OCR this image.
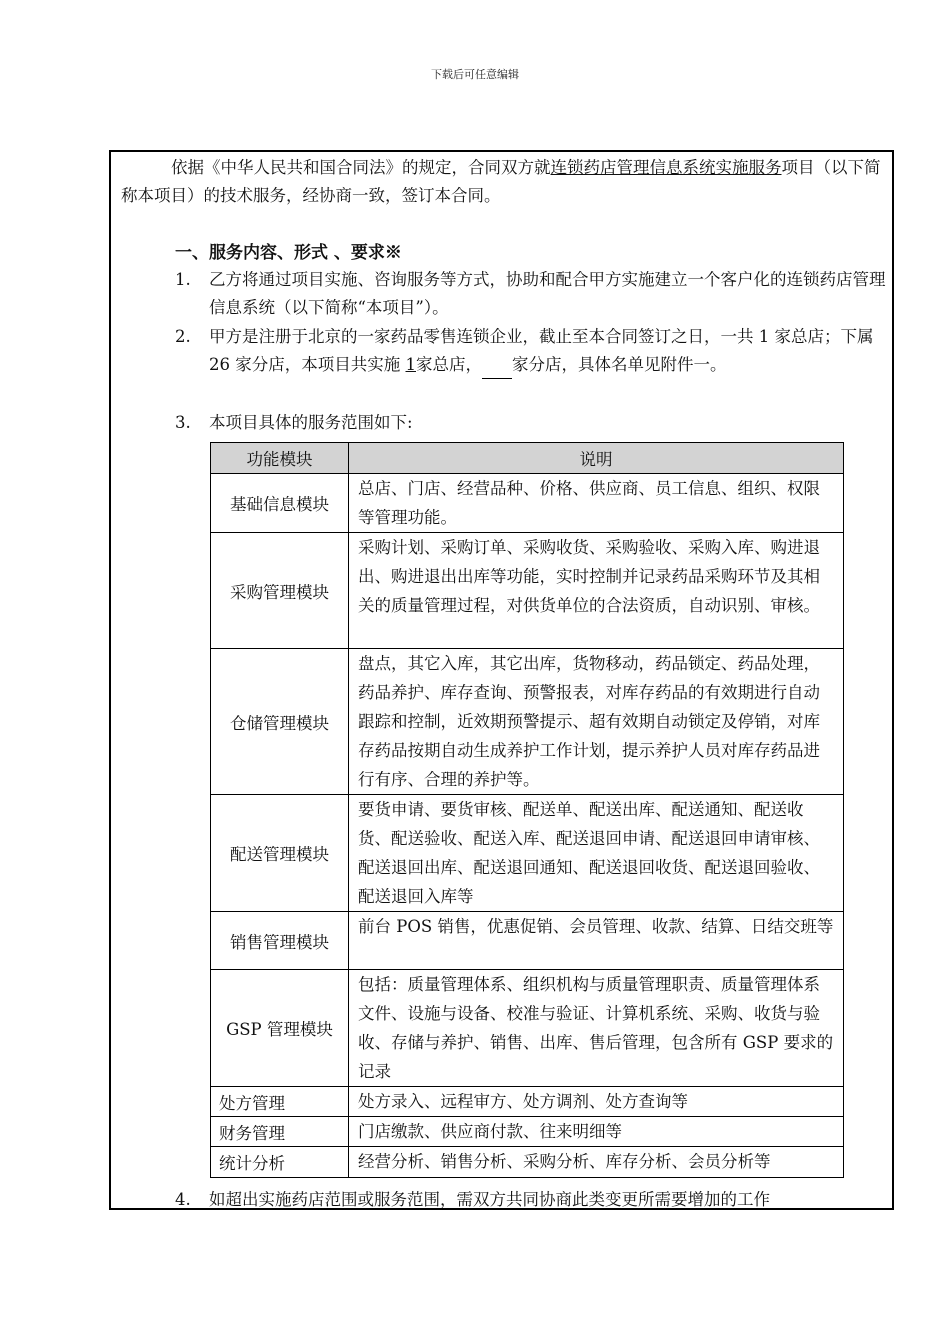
下载后可任意编辑
依据《中华人民共和国合同法》的规定，合同双方就连锁药店管理信息系统实施服务项目（以下简称本项目）的技术服务，经协商一致，签订本合同。
一、服务内容、形式 、要求※
1.	乙方将通过项目实施、咨询服务等方式，协助和配合甲方实施建立一个客户化的连锁药店管理信息系统（以下简称“本项目”）。
2.	甲方是注册于北京的一家药品零售连锁企业，截止至本合同签订之日，一共 1 家总店；下属 26 家分店，本项目共实施 1家总店， 家分店，具体名单见附件一。
3.	本项目具体的服务范围如下:
功能模块	说明
基础信息模块	总店、门店、经营品种、价格、供应商、员工信息、组织、权限等管理功能。
采购管理模块	采购计划、采购订单、采购收货、采购验收、采购入库、购进退出、购进退出出库等功能，实时控制并记录药品采购环节及其相关的质量管理过程，对供货单位的合法资质，自动识别、审核。
仓储管理模块	盘点，其它入库，其它出库，货物移动，药品锁定、药品处理，药品养护、库存查询、预警报表，对库存药品的有效期进行自动跟踪和控制，近效期预警提示、超有效期自动锁定及停销，对库存药品按期自动生成养护工作计划，提示养护人员对库存药品进行有序、合理的养护等。
配送管理模块	要货申请、要货审核、配送单、配送出库、配送通知、配送收货、配送验收、配送入库、配送退回申请、配送退回申请审核、配送退回出库、配送退回通知、配送退回收货、配送退回验收、配送退回入库等
销售管理模块	前台 POS 销售，优惠促销、会员管理、收款、结算、日结交班等
GSP 管理模块	包括：质量管理体系、组织机构与质量管理职责、质量管理体系文件、设施与设备、校准与验证、计算机系统、采购、收货与验收、存储与养护、销售、出库、售后管理，包含所有 GSP 要求的记录
处方管理	处方录入、远程审方、处方调剂、处方查询等
财务管理	门店缴款、供应商付款、往来明细等
统计分析	经营分析、销售分析、采购分析、库存分析、会员分析等
4.	如超出实施药店范围或服务范围，需双方共同协商此类变更所需要增加的工作
